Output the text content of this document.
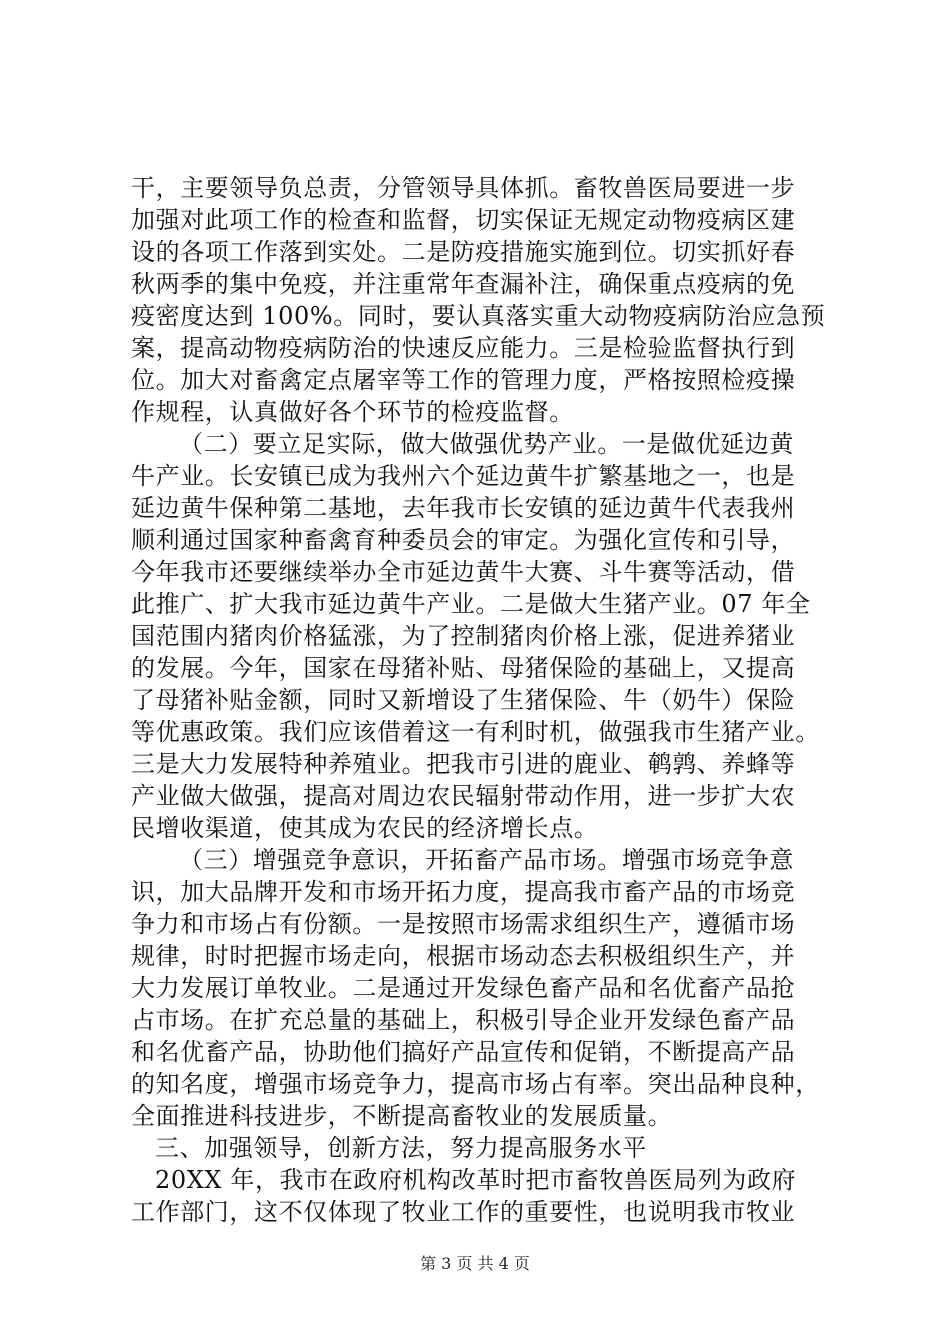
干，主要领导负总责，分管领导具体抓。畜牧兽医局要进一步
加强对此项工作的检查和监督，切实保证无规定动物疫病区建
设的各项工作落到实处。二是防疫措施实施到位。切实抓好春
秋两季的集中免疫，并注重常年查漏补注，确保重点疫病的免
疫密度达到 100%。同时，要认真落实重大动物疫病防治应急预
案，提高动物疫病防治的快速反应能力。三是检验监督执行到
位。加大对畜禽定点屠宰等工作的管理力度，严格按照检疫操
作规程，认真做好各个环节的检疫监督。
（二）要立足实际，做大做强优势产业。一是做优延边黄
牛产业。长安镇已成为我州六个延边黄牛扩繁基地之一，也是
延边黄牛保种第二基地，去年我市长安镇的延边黄牛代表我州
顺利通过国家种畜禽育种委员会的审定。为强化宣传和引导，
今年我市还要继续举办全市延边黄牛大赛、斗牛赛等活动，借
此推广、扩大我市延边黄牛产业。二是做大生猪产业。07 年全
国范围内猪肉价格猛涨，为了控制猪肉价格上涨，促进养猪业
的发展。今年，国家在母猪补贴、母猪保险的基础上，又提高
了母猪补贴金额，同时又新增设了生猪保险、牛（奶牛）保险
等优惠政策。我们应该借着这一有利时机，做强我市生猪产业。
三是大力发展特种养殖业。把我市引进的鹿业、鹌鹑、养蜂等
产业做大做强，提高对周边农民辐射带动作用，进一步扩大农
民增收渠道，使其成为农民的经济增长点。
（三）增强竞争意识，开拓畜产品市场。增强市场竞争意
识，加大品牌开发和市场开拓力度，提高我市畜产品的市场竞
争力和市场占有份额。一是按照市场需求组织生产，遵循市场
规律，时时把握市场走向，根据市场动态去积极组织生产，并
大力发展订单牧业。二是通过开发绿色畜产品和名优畜产品抢
占市场。在扩充总量的基础上，积极引导企业开发绿色畜产品
和名优畜产品，协助他们搞好产品宣传和促销，不断提高产品
的知名度，增强市场竞争力，提高市场占有率。突出品种良种，
全面推进科技进步，不断提高畜牧业的发展质量。
三、加强领导，创新方法，努力提高服务水平
20XX 年，我市在政府机构改革时把市畜牧兽医局列为政府
工作部门，这不仅体现了牧业工作的重要性，也说明我市牧业
第 3 页 共 4 页
